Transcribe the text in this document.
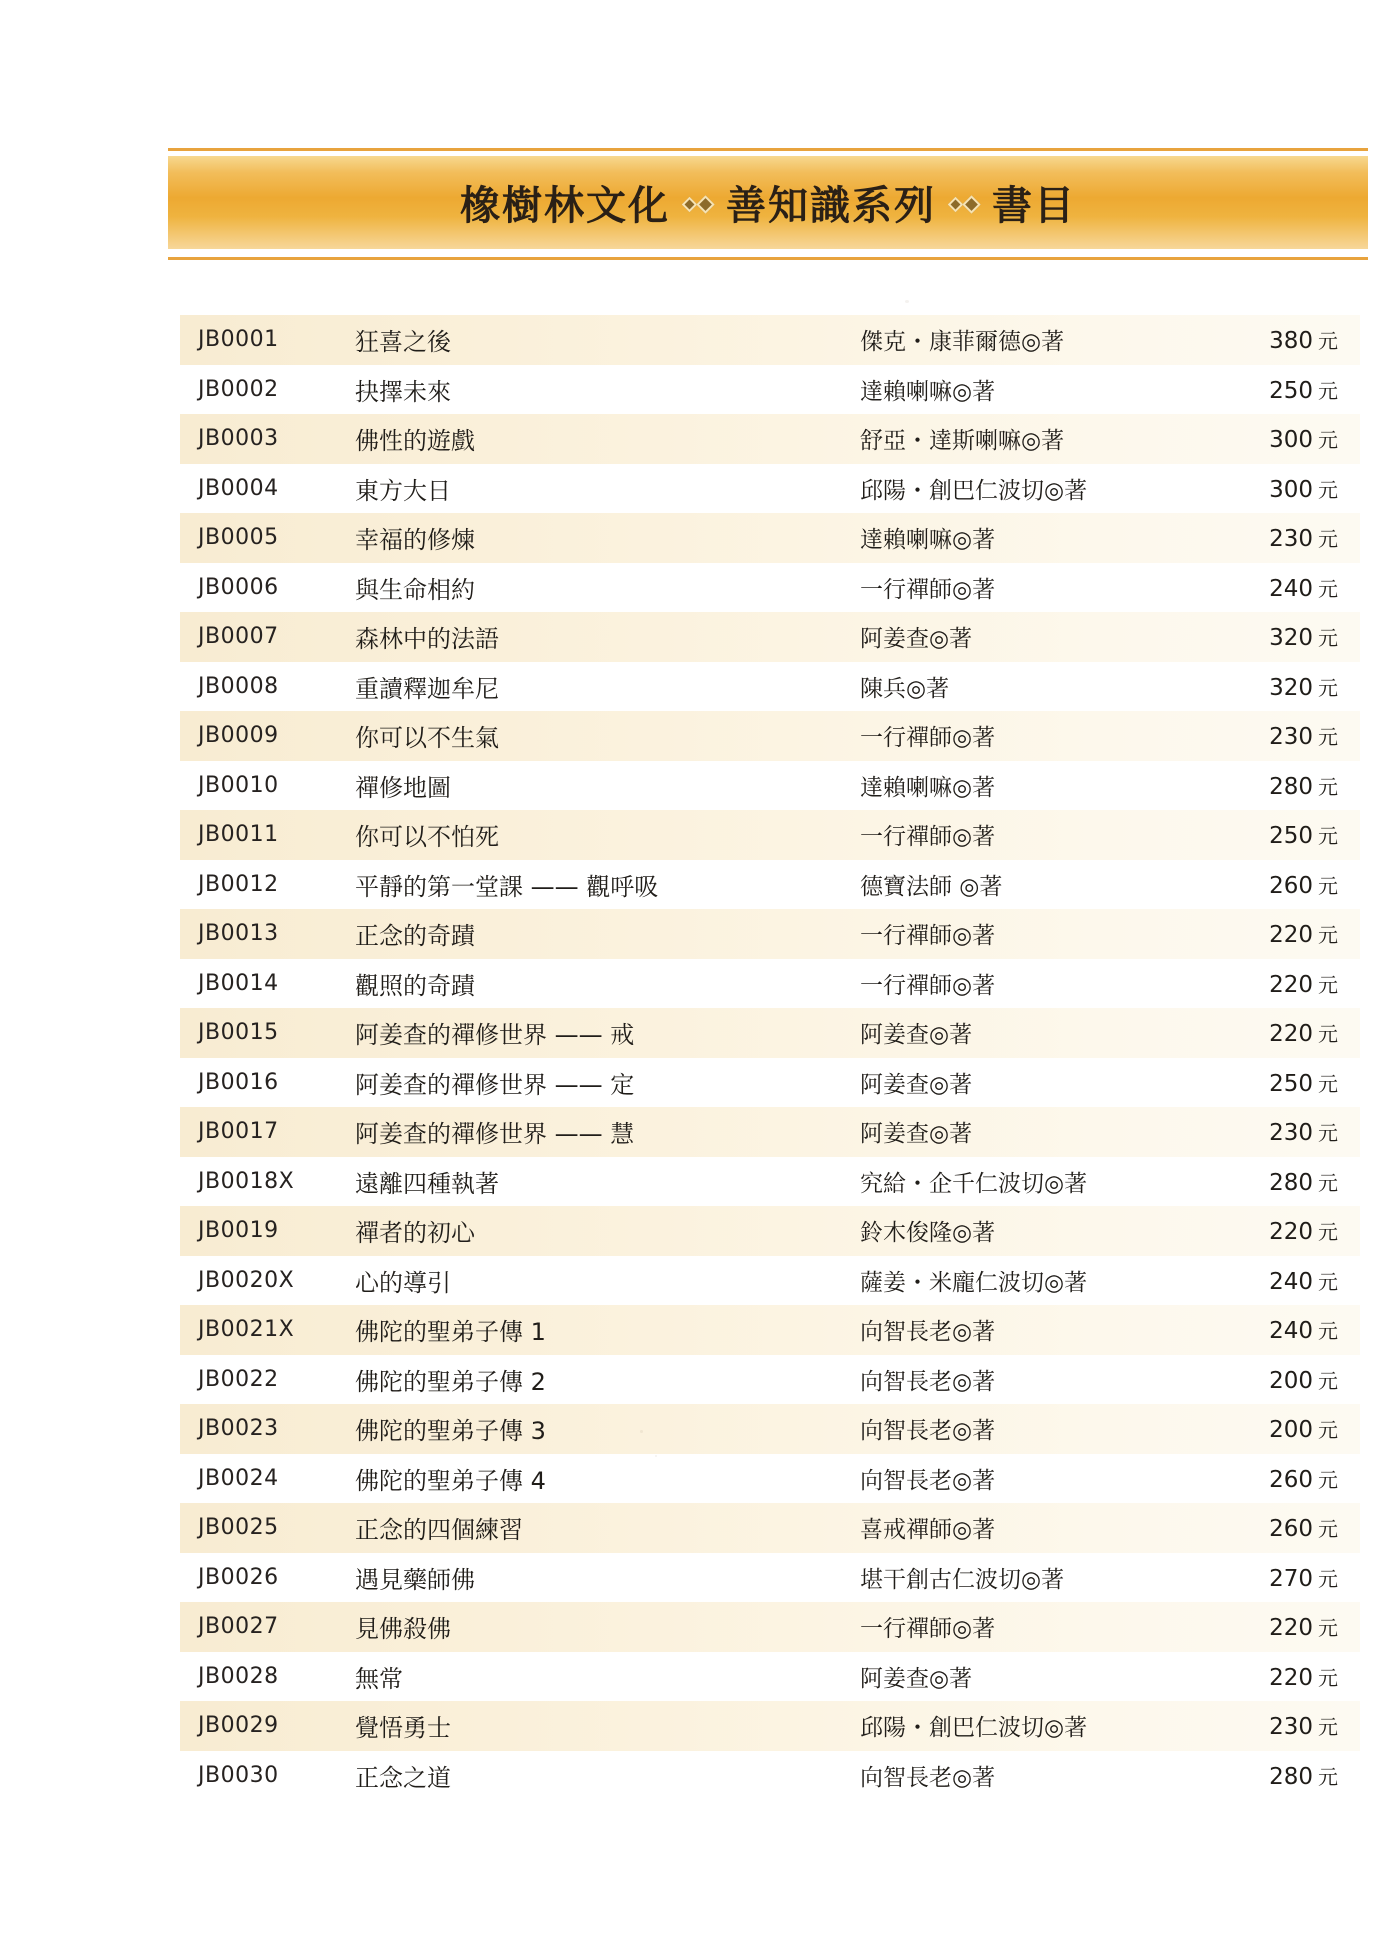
橡樹林文化 善知識系列 書目
JB0001	狂喜之後	傑克・康菲爾德◎著	380 元
JB0002	抉擇未來	達賴喇嘛◎著	250 元
JB0003	佛性的遊戲	舒亞・達斯喇嘛◎著	300 元
JB0004	東方大日	邱陽・創巴仁波切◎著	300 元
JB0005	幸福的修煉	達賴喇嘛◎著	230 元
JB0006	與生命相約	一行禪師◎著	240 元
JB0007	森林中的法語	阿姜查◎著	320 元
JB0008	重讀釋迦牟尼	陳兵◎著	320 元
JB0009	你可以不生氣	一行禪師◎著	230 元
JB0010	禪修地圖	達賴喇嘛◎著	280 元
JB0011	你可以不怕死	一行禪師◎著	250 元
JB0012	平靜的第一堂課 —— 觀呼吸	德寶法師 ◎著	260 元
JB0013	正念的奇蹟	一行禪師◎著	220 元
JB0014	觀照的奇蹟	一行禪師◎著	220 元
JB0015	阿姜查的禪修世界 —— 戒	阿姜查◎著	220 元
JB0016	阿姜查的禪修世界 —— 定	阿姜查◎著	250 元
JB0017	阿姜查的禪修世界 —— 慧	阿姜查◎著	230 元
JB0018X	遠離四種執著	究給・企千仁波切◎著	280 元
JB0019	禪者的初心	鈴木俊隆◎著	220 元
JB0020X	心的導引	薩姜・米龐仁波切◎著	240 元
JB0021X	佛陀的聖弟子傳 1	向智長老◎著	240 元
JB0022	佛陀的聖弟子傳 2	向智長老◎著	200 元
JB0023	佛陀的聖弟子傳 3	向智長老◎著	200 元
JB0024	佛陀的聖弟子傳 4	向智長老◎著	260 元
JB0025	正念的四個練習	喜戒禪師◎著	260 元
JB0026	遇見藥師佛	堪干創古仁波切◎著	270 元
JB0027	見佛殺佛	一行禪師◎著	220 元
JB0028	無常	阿姜查◎著	220 元
JB0029	覺悟勇士	邱陽・創巴仁波切◎著	230 元
JB0030	正念之道	向智長老◎著	280 元
